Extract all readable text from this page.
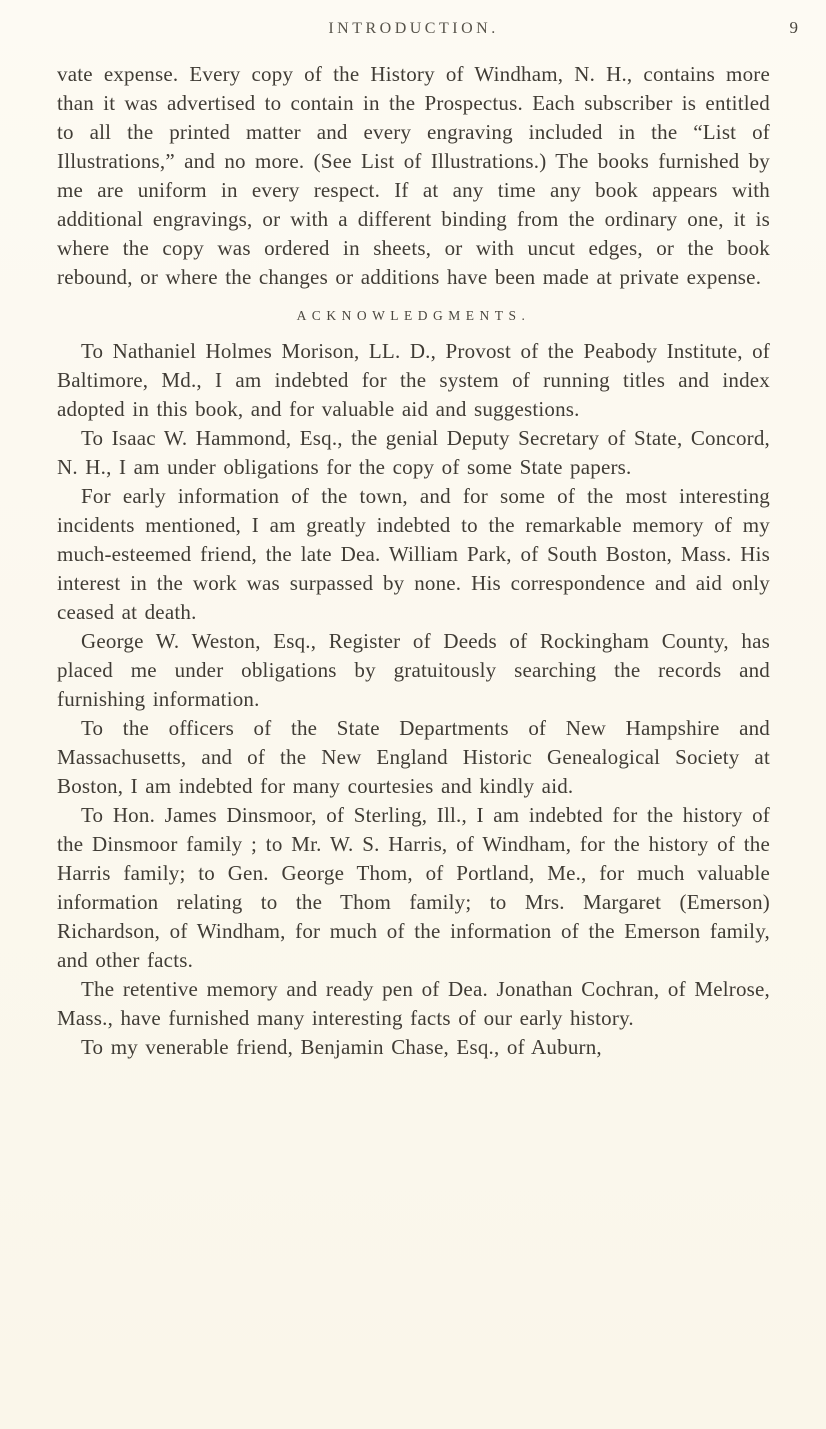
INTRODUCTION.	9

vate expense. Every copy of the History of Windham, N. H., contains more than it was advertised to contain in the Prospectus. Each subscriber is entitled to all the printed matter and every engraving included in the “List of Illustrations,” and no more. (See List of Illustrations.) The books furnished by me are uniform in every respect. If at any time any book appears with additional engravings, or with a different binding from the ordinary one, it is where the copy was ordered in sheets, or with uncut edges, or the book rebound, or where the changes or additions have been made at private expense.

ACKNOWLEDGMENTS.

To Nathaniel Holmes Morison, LL. D., Provost of the Peabody Institute, of Baltimore, Md., I am indebted for the system of running titles and index adopted in this book, and for valuable aid and suggestions.

To Isaac W. Hammond, Esq., the genial Deputy Secretary of State, Concord, N. H., I am under obligations for the copy of some State papers.

For early information of the town, and for some of the most interesting incidents mentioned, I am greatly indebted to the remarkable memory of my much-esteemed friend, the late Dea. William Park, of South Boston, Mass. His interest in the work was surpassed by none. His correspondence and aid only ceased at death.

George W. Weston, Esq., Register of Deeds of Rockingham County, has placed me under obligations by gratuitously searching the records and furnishing information.

To the officers of the State Departments of New Hampshire and Massachusetts, and of the New England Historic Genealogical Society at Boston, I am indebted for many courtesies and kindly aid.

To Hon. James Dinsmoor, of Sterling, Ill., I am indebted for the history of the Dinsmoor family ; to Mr. W. S. Harris, of Windham, for the history of the Harris family; to Gen. George Thom, of Portland, Me., for much valuable information relating to the Thom family; to Mrs. Margaret (Emerson) Richardson, of Windham, for much of the information of the Emerson family, and other facts.

The retentive memory and ready pen of Dea. Jonathan Cochran, of Melrose, Mass., have furnished many interesting facts of our early history.

To my venerable friend, Benjamin Chase, Esq., of Auburn,
